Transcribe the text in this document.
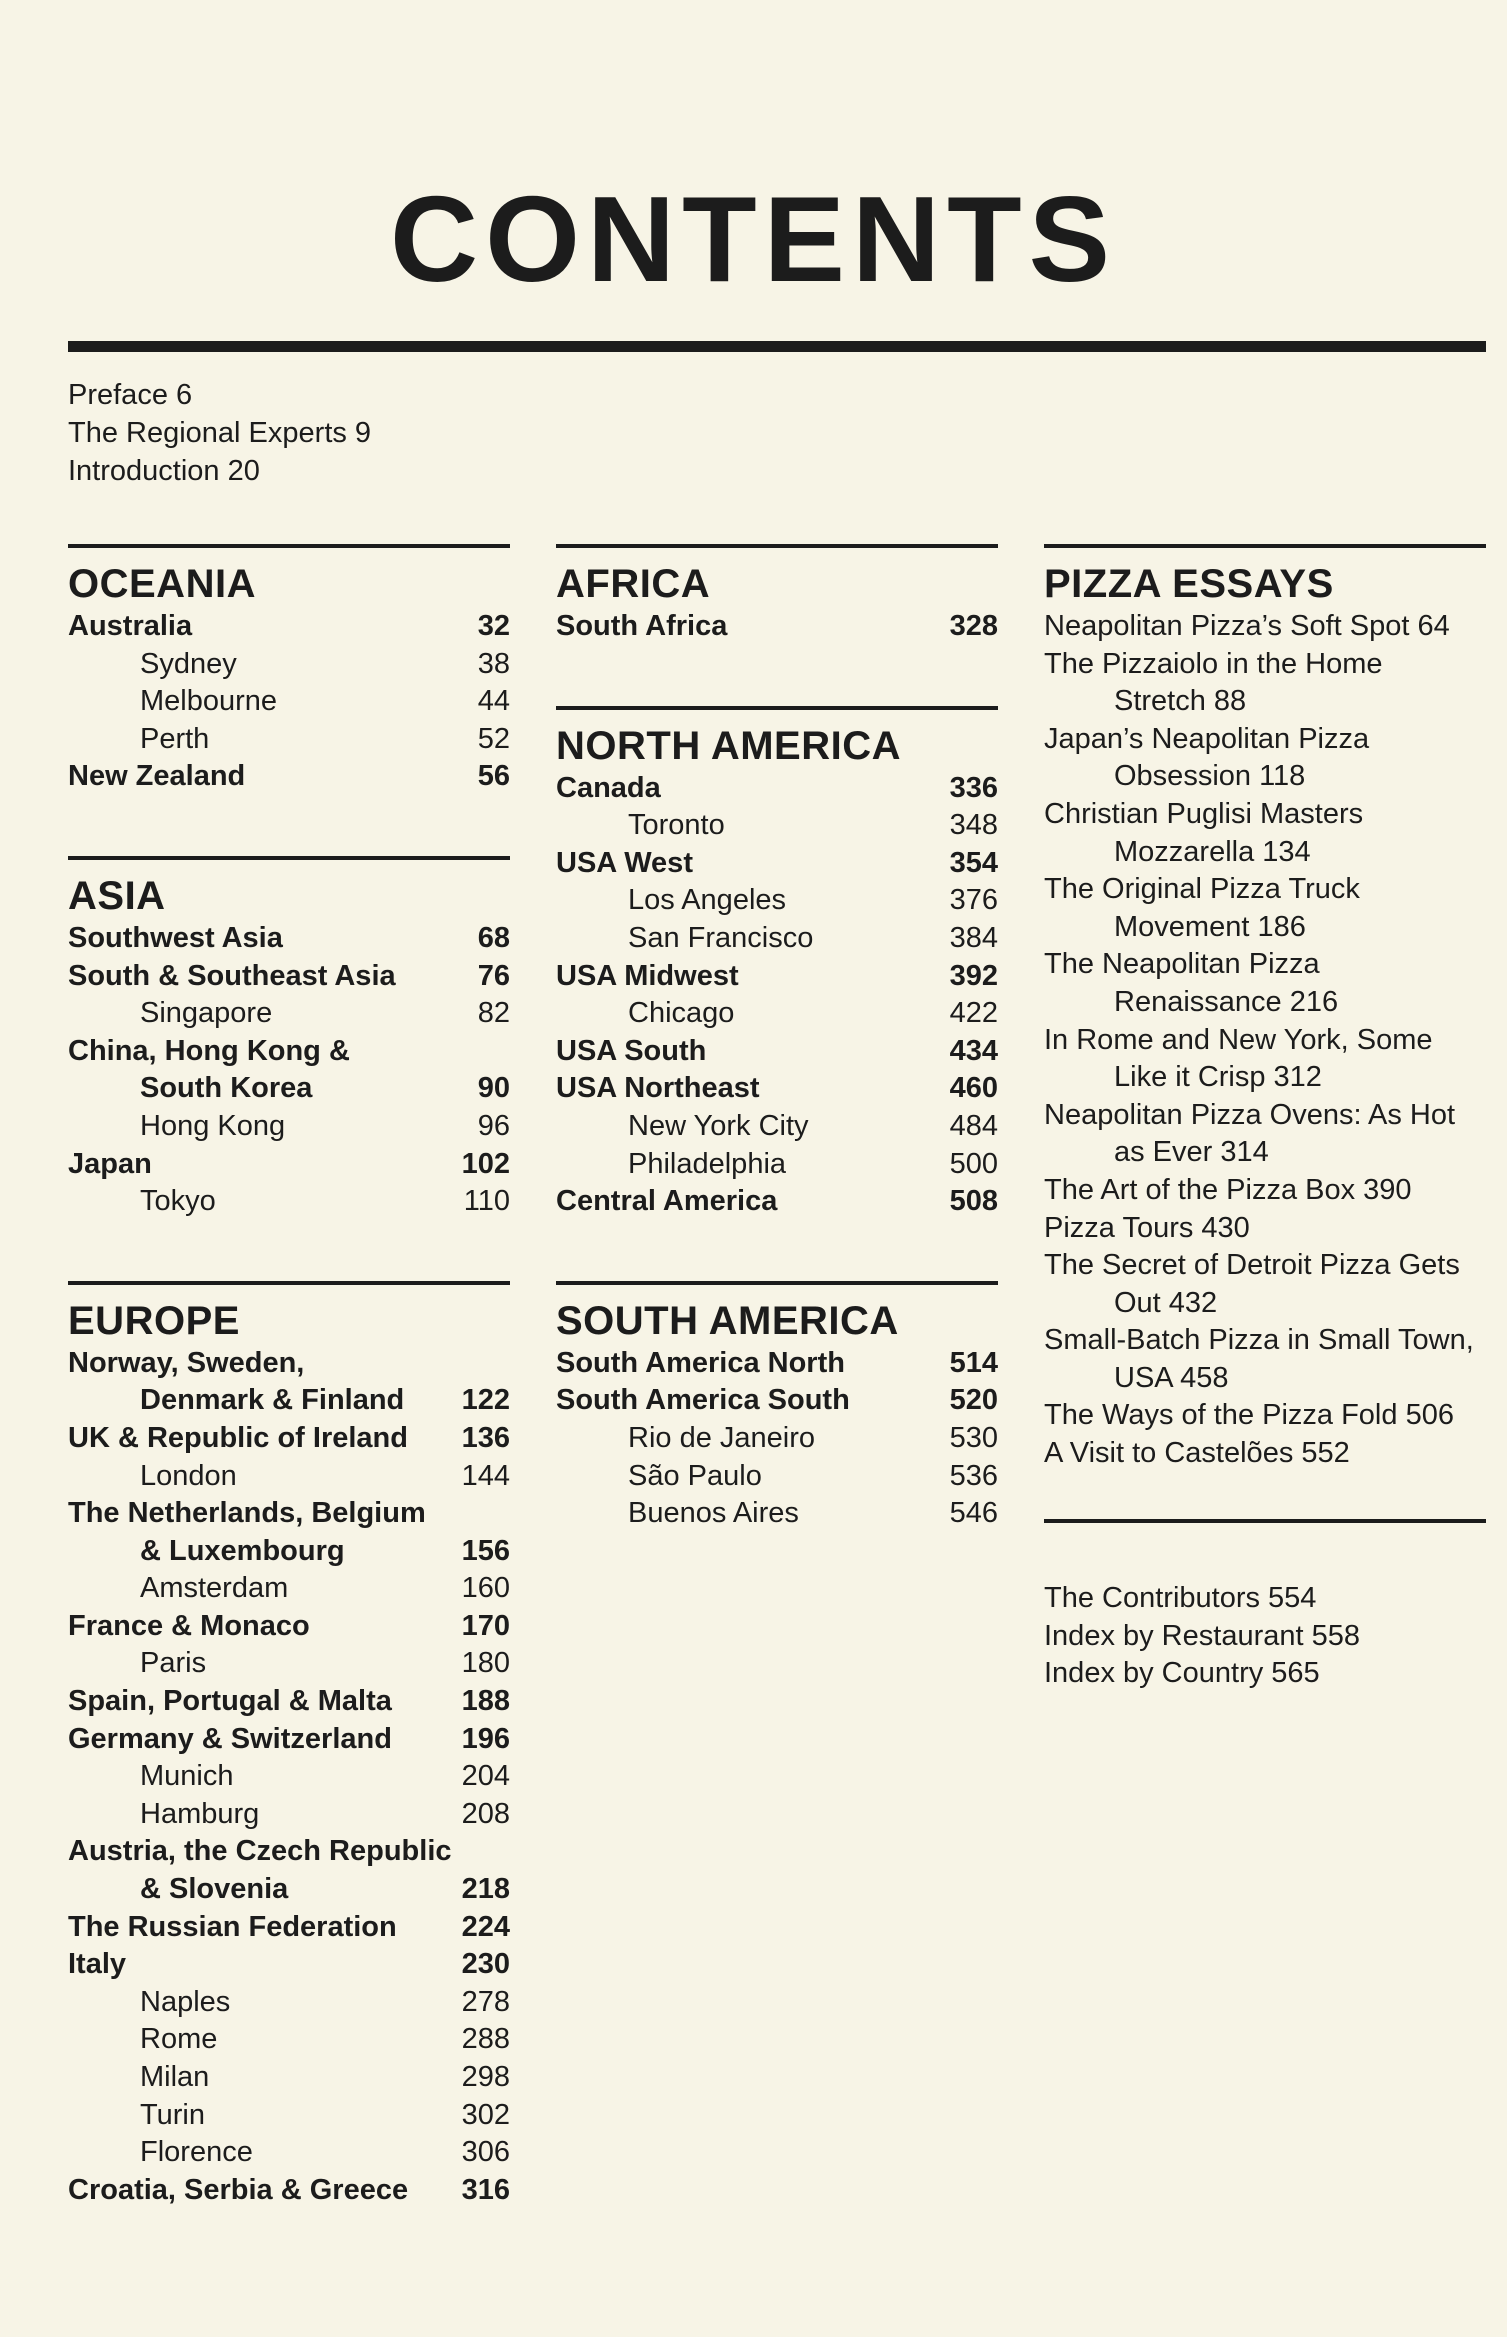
CONTENTS
Preface 6
The Regional Experts 9
Introduction 20
OCEANIA
Australia	32
Sydney	38
Melbourne	44
Perth	52
New Zealand	56
ASIA
Southwest Asia	68
South & Southeast Asia	76
Singapore	82
China, Hong Kong &
South Korea	90
Hong Kong	96
Japan	102
Tokyo	110
EUROPE
Norway, Sweden,
Denmark & Finland	122
UK & Republic of Ireland	136
London	144
The Netherlands, Belgium
& Luxembourg	156
Amsterdam	160
France & Monaco	170
Paris	180
Spain, Portugal & Malta	188
Germany & Switzerland	196
Munich	204
Hamburg	208
Austria, the Czech Republic
& Slovenia	218
The Russian Federation	224
Italy	230
Naples	278
Rome	288
Milan	298
Turin	302
Florence	306
Croatia, Serbia & Greece	316
AFRICA
South Africa	328
NORTH AMERICA
Canada	336
Toronto	348
USA West	354
Los Angeles	376
San Francisco	384
USA Midwest	392
Chicago	422
USA South	434
USA Northeast	460
New York City	484
Philadelphia	500
Central America	508
SOUTH AMERICA
South America North	514
South America South	520
Rio de Janeiro	530
São Paulo	536
Buenos Aires	546
PIZZA ESSAYS
Neapolitan Pizza’s Soft Spot 64
The Pizzaiolo in the Home
Stretch 88
Japan’s Neapolitan Pizza
Obsession 118
Christian Puglisi Masters
Mozzarella 134
The Original Pizza Truck
Movement 186
The Neapolitan Pizza
Renaissance 216
In Rome and New York, Some
Like it Crisp 312
Neapolitan Pizza Ovens: As Hot
as Ever 314
The Art of the Pizza Box 390
Pizza Tours 430
The Secret of Detroit Pizza Gets
Out 432
Small-Batch Pizza in Small Town,
USA 458
The Ways of the Pizza Fold 506
A Visit to Castelões 552
The Contributors 554
Index by Restaurant 558
Index by Country 565
